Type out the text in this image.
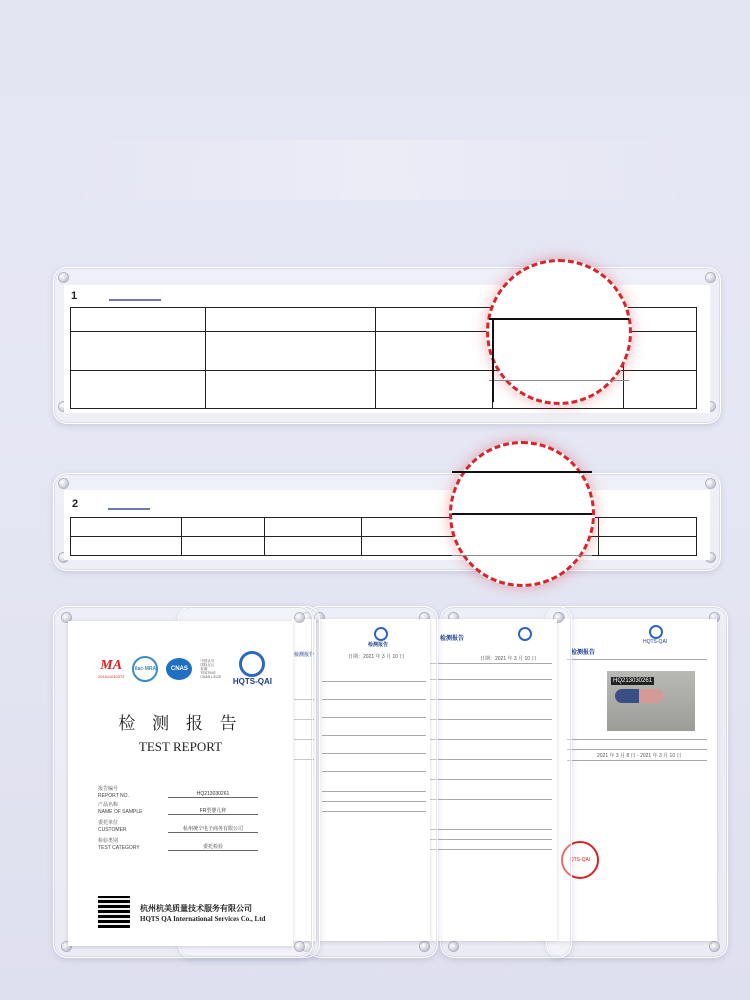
1

2

检测报告
HQTS-QAI
HQ213030261
2021 年 3 月 8 日 - 2021 年 3 月 10 日
QTS-QAI
检测报告
日期：2021 年 3 月 10 日
检测报告
日期：2021 年 3 月 10 日
检测报告
MA
201611010373
ilac-MRA CNAS
中国认可
国际互认
检测
TESTING
CNAS L3125
HQTS-QAI
检 测 报 告
TEST REPORT
报告编号
REPORT NO.	HQ213030261
产品名称
NAME OF SAMPLE	FR型婴儿秤
委托单位
CUSTOMER	杭州统辛电子商务有限公司
检验类别
TEST CATEGORY	委托检验
杭州杭美质量技术服务有限公司
HQTS QA International Services Co., Ltd
